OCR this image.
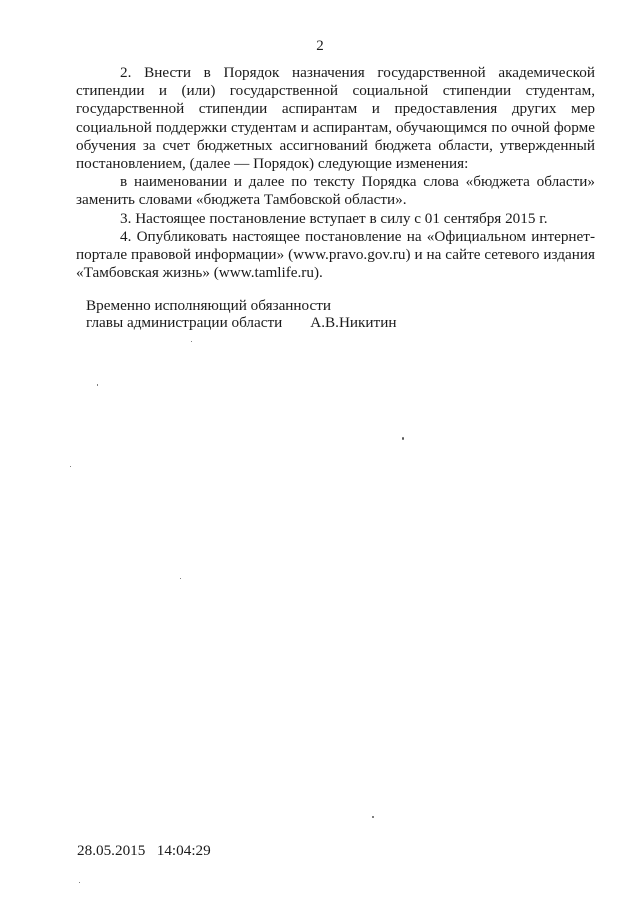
2

2. Внести в Порядок назначения государственной академической стипендии и (или) государственной социальной стипендии студентам, государственной стипендии аспирантам и предоставления других мер социальной поддержки студентам и аспирантам, обучающимся по очной форме обучения за счет бюджетных ассигнований бюджета области, утвержденный постановлением, (далее — Порядок) следующие изменения:

в наименовании и далее по тексту Порядка слова «бюджета области» заменить словами «бюджета Тамбовской области».

3. Настоящее постановление вступает в силу с 01 сентября 2015 г.

4. Опубликовать настоящее постановление на «Официальном интернет-портале правовой информации» (www.pravo.gov.ru) и на сайте сетевого издания «Тамбовская жизнь» (www.tamlife.ru).

Временно исполняющий обязанности
главы администрации области А.В.Никитин
28.05.2015   14:04:29
